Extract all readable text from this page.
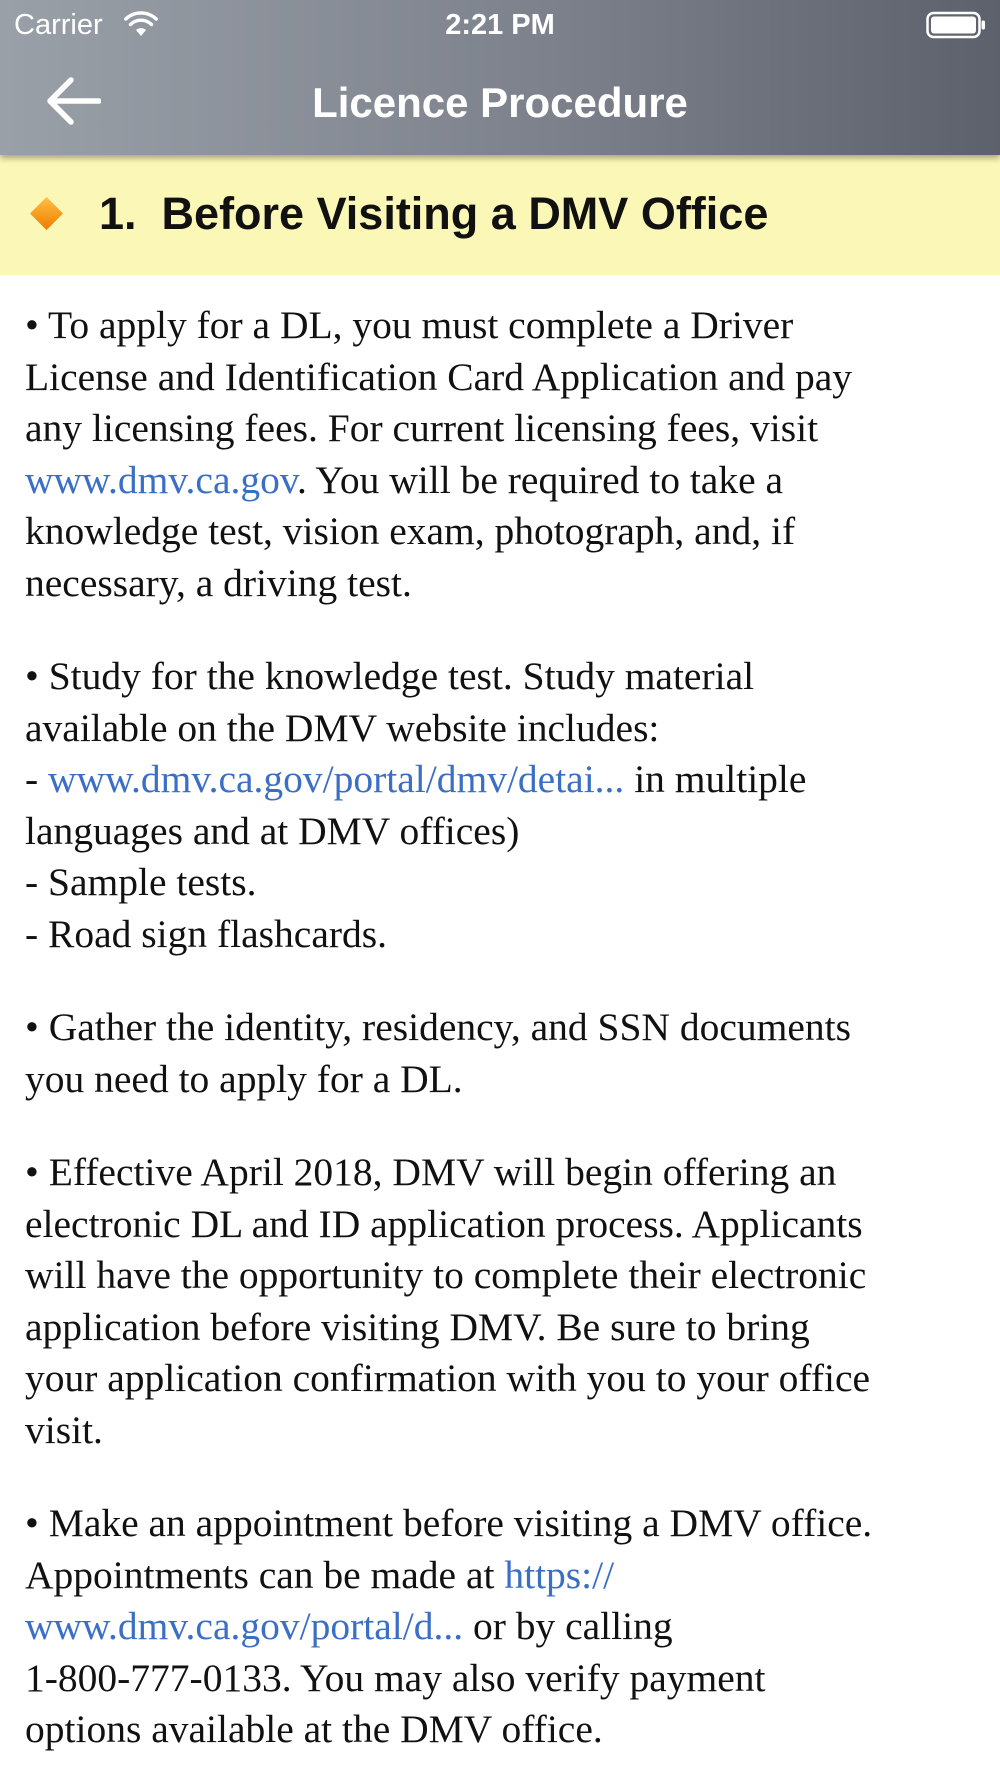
Carrier	2:21 PM
Licence Procedure
1. Before Visiting a DMV Office
• To apply for a DL, you must complete a Driver
License and Identification Card Application and pay
any licensing fees. For current licensing fees, visit
www.dmv.ca.gov. You will be required to take a
knowledge test, vision exam, photograph, and, if
necessary, a driving test.
• Study for the knowledge test. Study material
available on the DMV website includes:
- www.dmv.ca.gov/portal/dmv/detai... in multiple
languages and at DMV offices)
- Sample tests.
- Road sign flashcards.
• Gather the identity, residency, and SSN documents
you need to apply for a DL.
• Effective April 2018, DMV will begin offering an
electronic DL and ID application process. Applicants
will have the opportunity to complete their electronic
application before visiting DMV. Be sure to bring
your application confirmation with you to your office
visit.
• Make an appointment before visiting a DMV office.
Appointments can be made at https://
www.dmv.ca.gov/portal/d... or by calling
1-800-777-0133. You may also verify payment
options available at the DMV office.
